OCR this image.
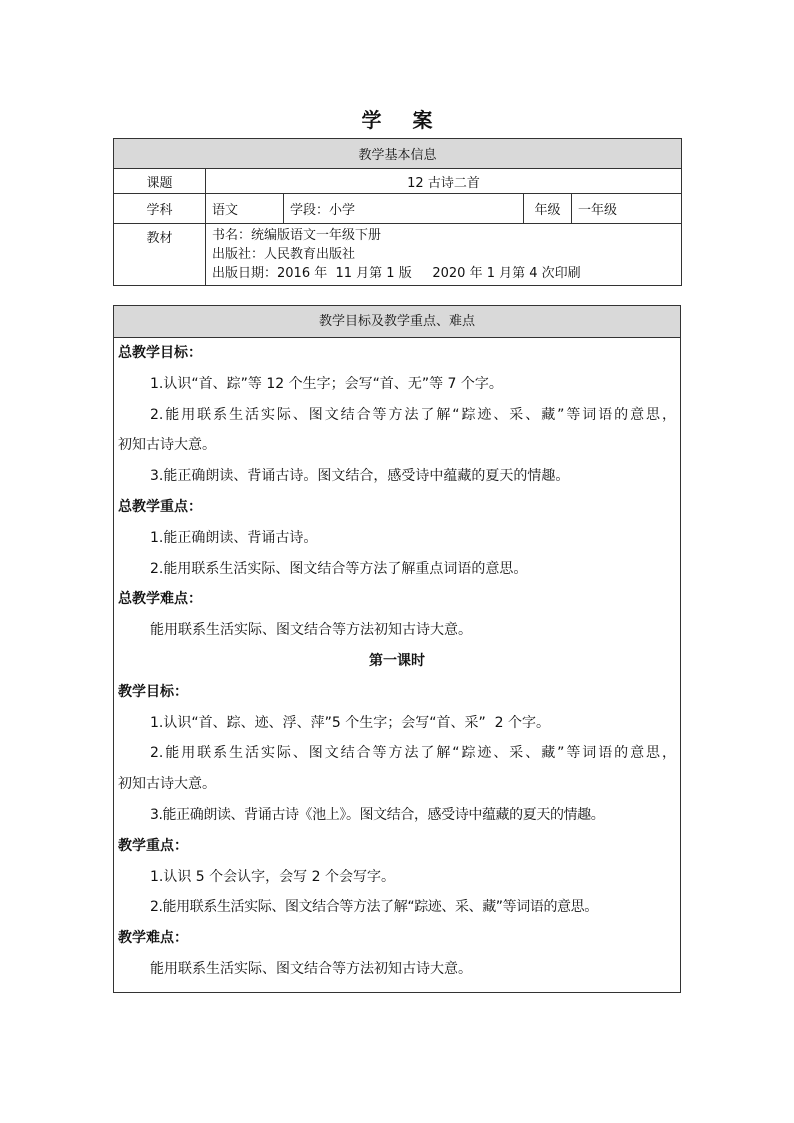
学 案
教学基本信息				
课题	12 古诗二首			
学科	语文	学段：小学	年级	一年级
教材	书名：统编版语文一年级下册
出版社：人民教育出版社
出版日期：2016 年  11 月第 1 版     2020 年 1 月第 4 次印刷			
教学目标及教学重点、难点
总教学目标：
1.认识“首、踪”等 12 个生字；会写“首、无”等 7 个字。
2.能用联系生活实际、图文结合等方法了解“踪迹、采、藏”等词语的意思，
初知古诗大意。
3.能正确朗读、背诵古诗。图文结合，感受诗中蕴藏的夏天的情趣。
总教学重点：
1.能正确朗读、背诵古诗。
2.能用联系生活实际、图文结合等方法了解重点词语的意思。
总教学难点：
能用联系生活实际、图文结合等方法初知古诗大意。
第一课时
教学目标：
1.认识“首、踪、迹、浮、萍”5 个生字；会写“首、采”  2 个字。
2.能用联系生活实际、图文结合等方法了解“踪迹、采、藏”等词语的意思，
初知古诗大意。
3.能正确朗读、背诵古诗《池上》。图文结合，感受诗中蕴藏的夏天的情趣。
教学重点：
1.认识 5 个会认字，会写 2 个会写字。
2.能用联系生活实际、图文结合等方法了解“踪迹、采、藏”等词语的意思。
教学难点：
能用联系生活实际、图文结合等方法初知古诗大意。
